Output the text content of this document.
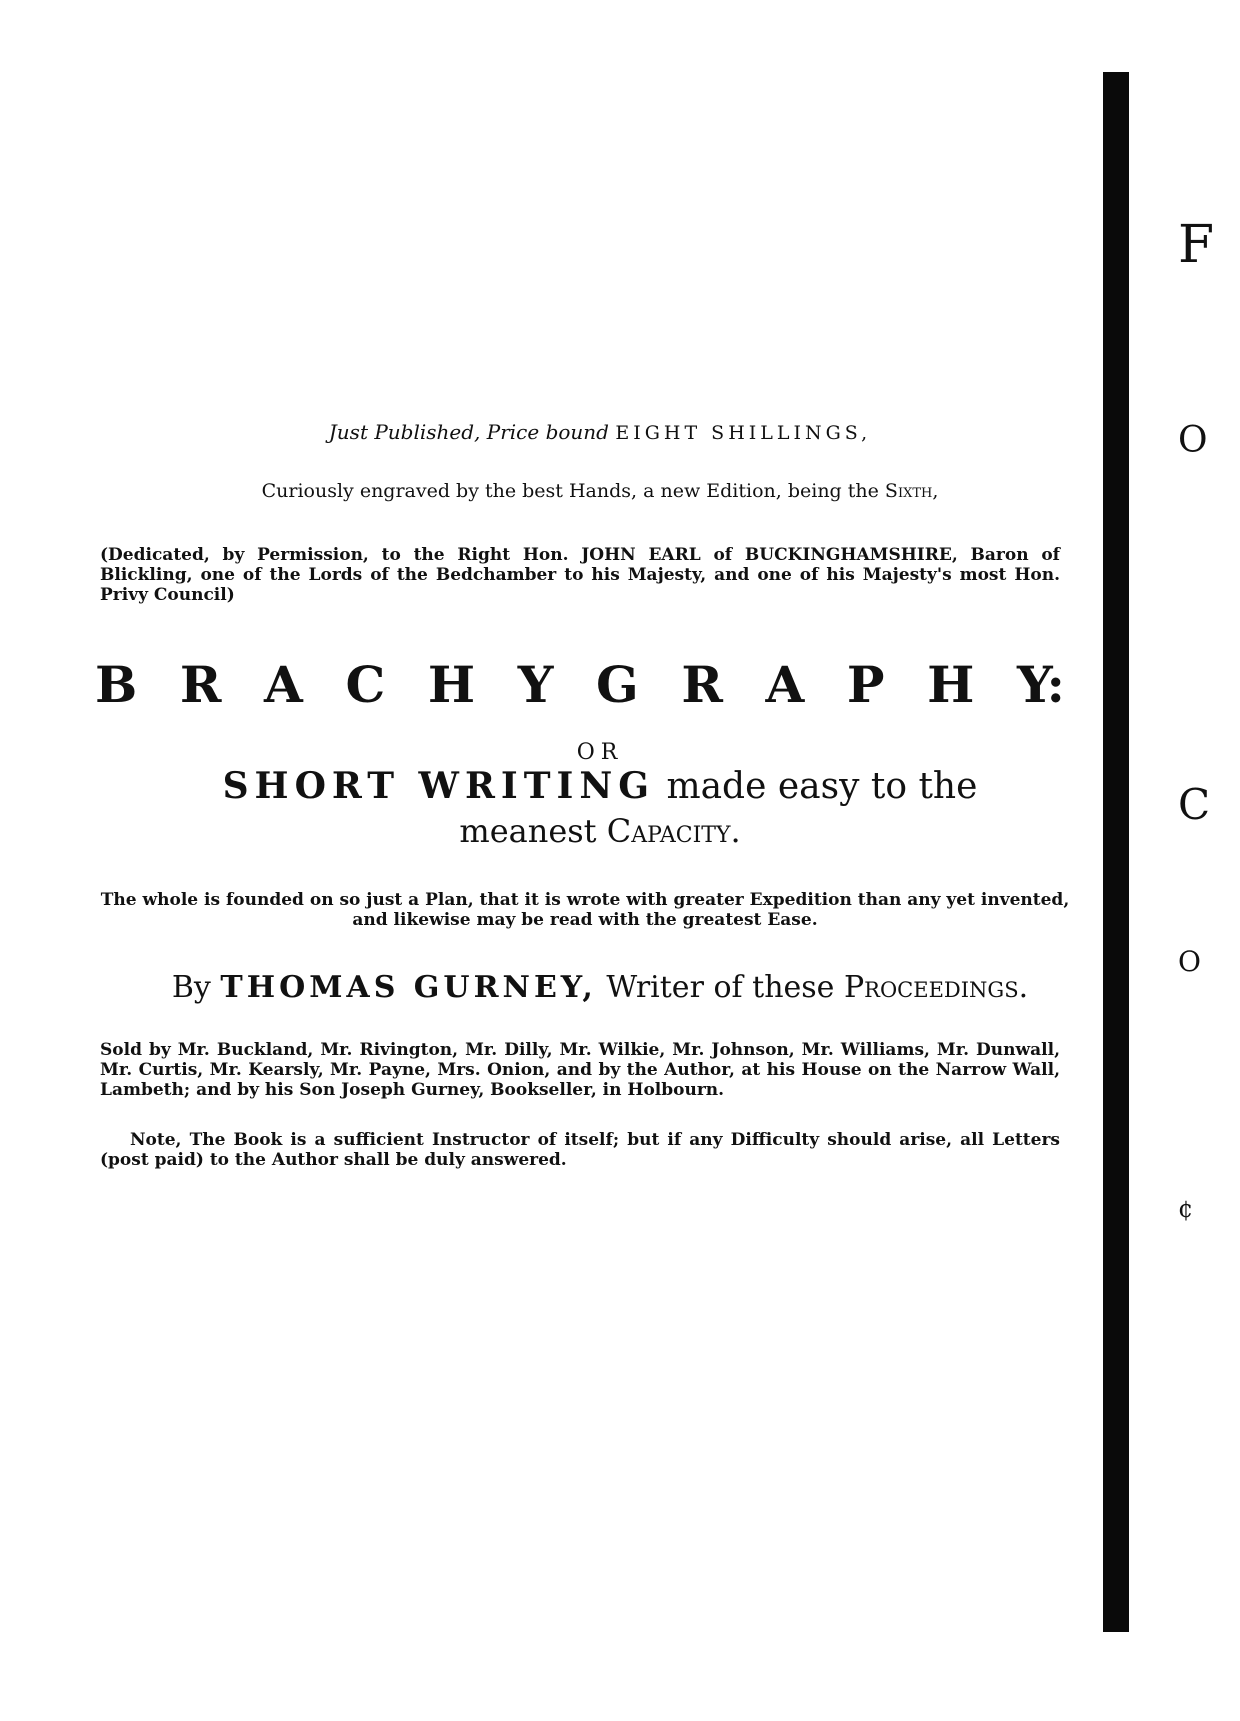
Just Published, Price bound EIGHT SHILLINGS,
Curiously engraved by the best Hands, a new Edition, being the Sixth,
(Dedicated, by Permission, to the Right Hon. JOHN EARL of BUCKINGHAMSHIRE, Baron of Blickling, one of the Lords of the Bedchamber to his Majesty, and one of his Majesty's most Hon. Privy Council)
B R A C H Y G R A P H Y:
OR
SHORT WRITING made easy to the
meanest Capacity.
The whole is founded on so just a Plan, that it is wrote with greater Expedition than any yet invented, and likewise may be read with the greatest Ease.
By THOMAS GURNEY, Writer of these Proceedings.
Sold by Mr. Buckland, Mr. Rivington, Mr. Dilly, Mr. Wilkie, Mr. Johnson, Mr. Williams, Mr. Dunwall, Mr. Curtis, Mr. Kearsly, Mr. Payne, Mrs. Onion, and by the Author, at his House on the Narrow Wall, Lambeth; and by his Son Joseph Gurney, Bookseller, in Holbourn.
Note, The Book is a sufficient Instructor of itself; but if any Difficulty should arise, all Letters (post paid) to the Author shall be duly answered.
F
O
C
O
¢
